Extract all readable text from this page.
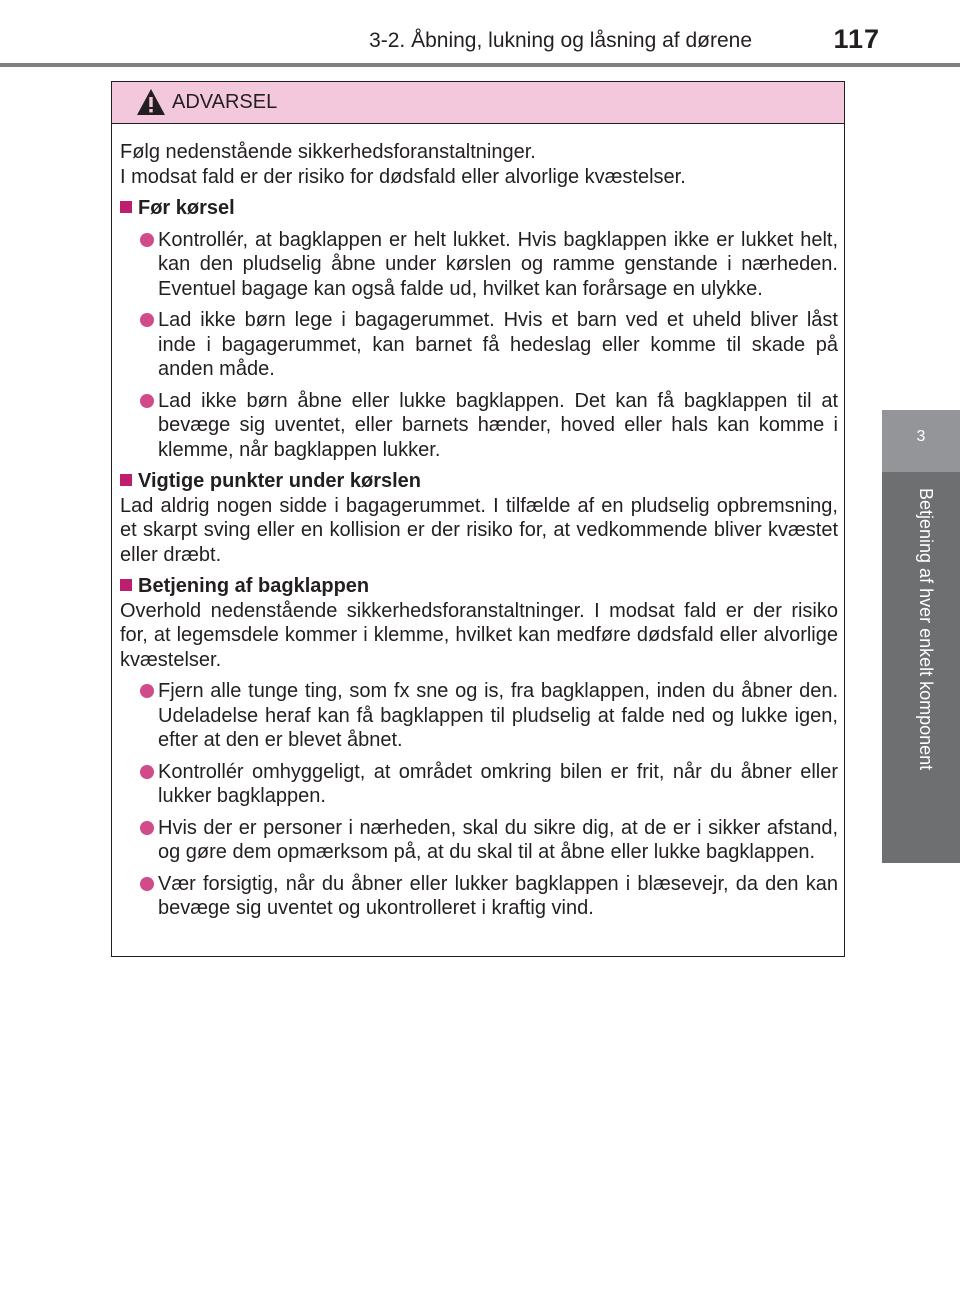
3-2. Åbning, lukning og låsning af dørene	117
3
Betjening af hver enkelt komponent
ADVARSEL

Følg nedenstående sikkerhedsforanstaltninger.

I modsat fald er der risiko for dødsfald eller alvorlige kvæstelser.

Før kørsel
Kontrollér, at bagklappen er helt lukket. Hvis bagklappen ikke er lukket helt, kan den pludselig åbne under kørslen og ramme genstande i nærheden. Eventuel bagage kan også falde ud, hvilket kan forårsage en ulykke.
Lad ikke børn lege i bagagerummet. Hvis et barn ved et uheld bliver låst inde i bagagerummet, kan barnet få hedeslag eller komme til skade på anden måde.
Lad ikke børn åbne eller lukke bagklappen. Det kan få bagklappen til at bevæge sig uventet, eller barnets hænder, hoved eller hals kan komme i klemme, når bagklappen lukker.
Vigtige punkter under kørslen

Lad aldrig nogen sidde i bagagerummet. I tilfælde af en pludselig opbremsning, et skarpt sving eller en kollision er der risiko for, at vedkommende bliver kvæstet eller dræbt.

Betjening af bagklappen

Overhold nedenstående sikkerhedsforanstaltninger. I modsat fald er der risiko for, at legemsdele kommer i klemme, hvilket kan medføre dødsfald eller alvorlige kvæstelser.

Fjern alle tunge ting, som fx sne og is, fra bagklappen, inden du åbner den. Udeladelse heraf kan få bagklappen til pludselig at falde ned og lukke igen, efter at den er blevet åbnet.
Kontrollér omhyggeligt, at området omkring bilen er frit, når du åbner eller lukker bagklappen.
Hvis der er personer i nærheden, skal du sikre dig, at de er i sikker afstand, og gøre dem opmærksom på, at du skal til at åbne eller lukke bagklappen.
Vær forsigtig, når du åbner eller lukker bagklappen i blæsevejr, da den kan bevæge sig uventet og ukontrolleret i kraftig vind.
